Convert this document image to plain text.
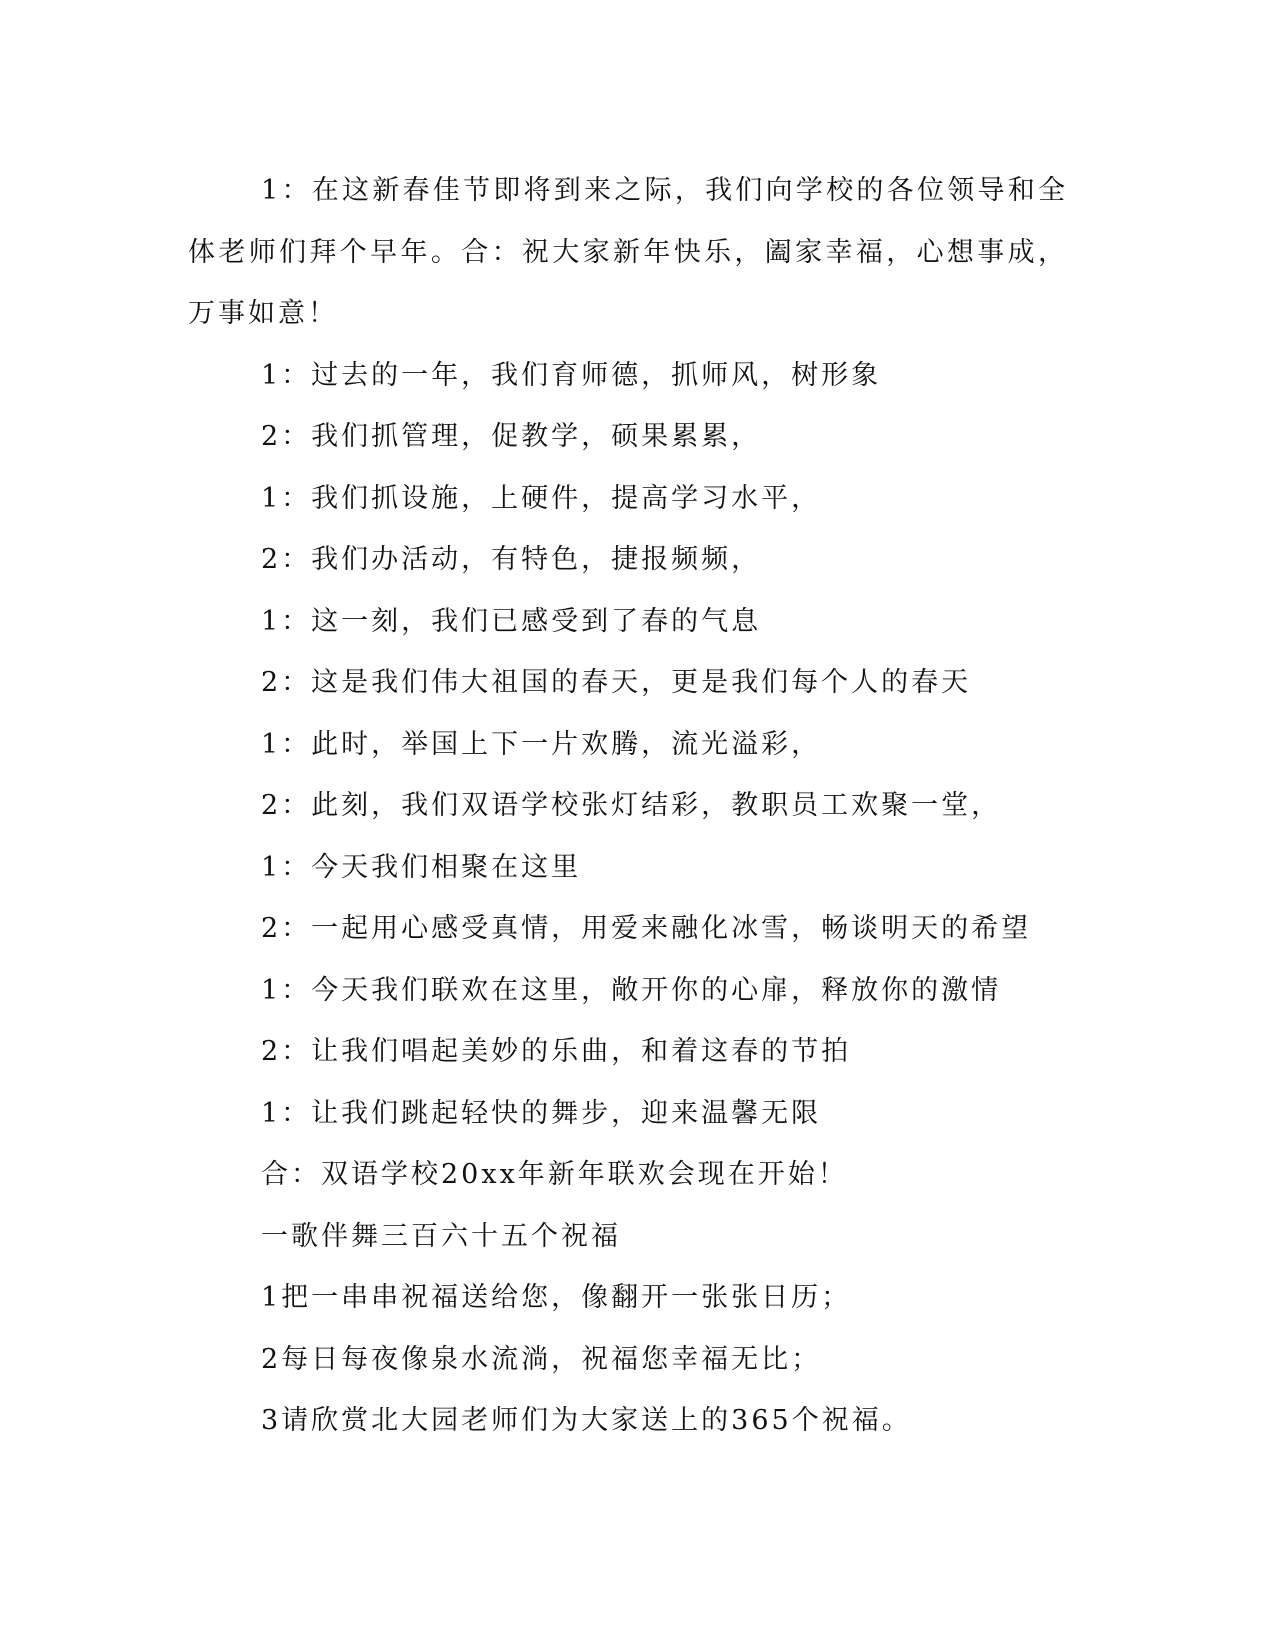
1：在这新春佳节即将到来之际，我们向学校的各位领导和全体老师们拜个早年。合：祝大家新年快乐，阖家幸福，心想事成，万事如意！

1：过去的一年，我们育师德，抓师风，树形象

2：我们抓管理，促教学，硕果累累，

1：我们抓设施，上硬件，提高学习水平，

2：我们办活动，有特色，捷报频频，

1：这一刻，我们已感受到了春的气息

2：这是我们伟大祖国的春天，更是我们每个人的春天

1：此时，举国上下一片欢腾，流光溢彩，

2：此刻，我们双语学校张灯结彩，教职员工欢聚一堂，

1：今天我们相聚在这里

2：一起用心感受真情，用爱来融化冰雪，畅谈明天的希望

1：今天我们联欢在这里，敞开你的心扉，释放你的激情

2：让我们唱起美妙的乐曲，和着这春的节拍

1：让我们跳起轻快的舞步，迎来温馨无限

合：双语学校20xx年新年联欢会现在开始！

一歌伴舞三百六十五个祝福

1把一串串祝福送给您，像翻开一张张日历；

2每日每夜像泉水流淌，祝福您幸福无比；

3请欣赏北大园老师们为大家送上的365个祝福。
